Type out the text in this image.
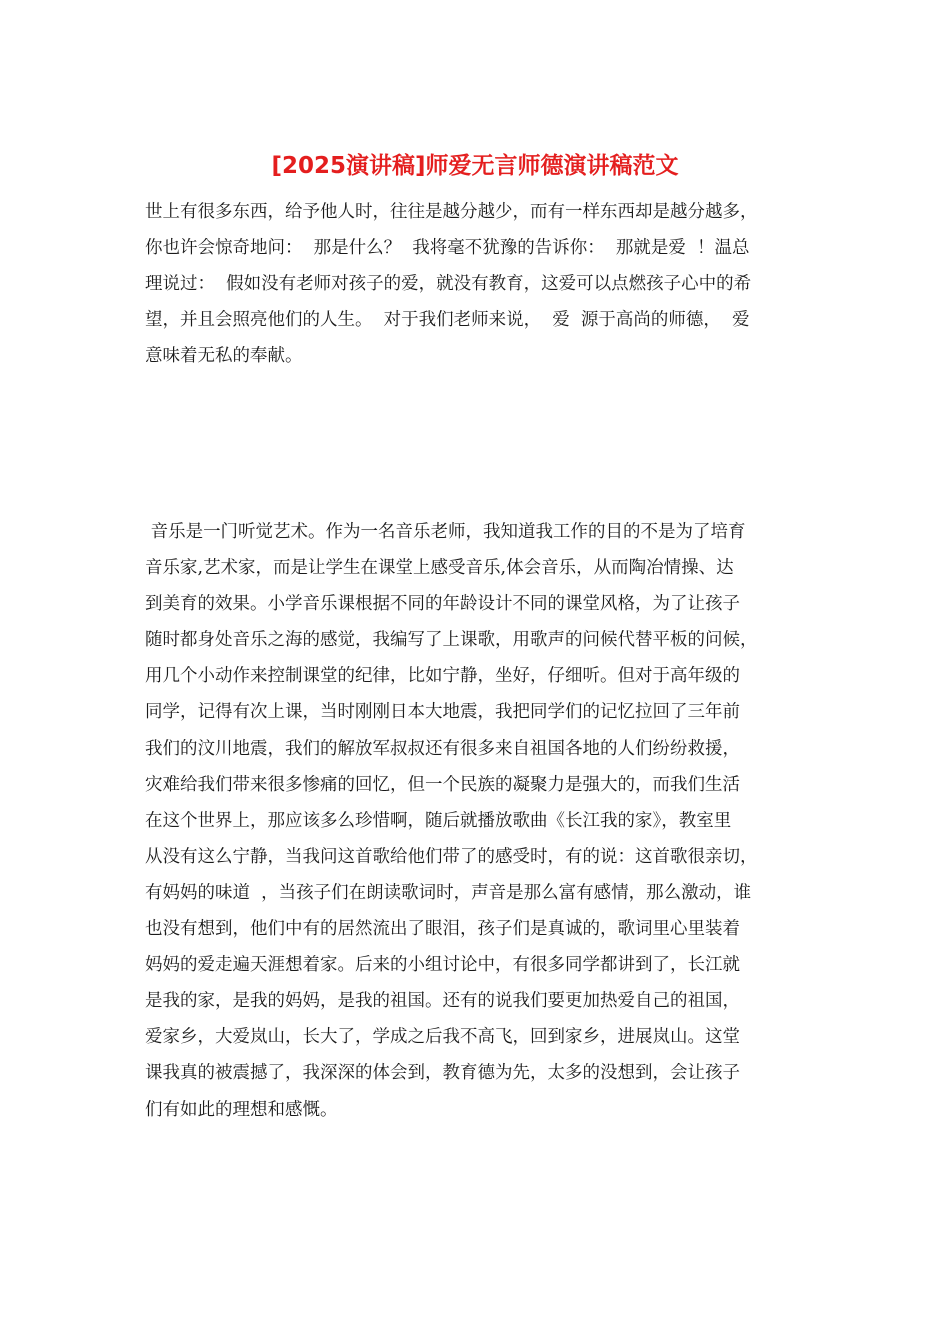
[2025演讲稿]师爱无言师德演讲稿范文
世上有很多东西，给予他人时，往往是越分越少，而有一样东西却是越分越多，
你也许会惊奇地问：  那是什么？  我将毫不犹豫的告诉你：  那就是爱  ！温总
理说过：  假如没有老师对孩子的爱，就没有教育，这爱可以点燃孩子心中的希
望，并且会照亮他们的人生。  对于我们老师来说，  爱  源于高尚的师德，  爱
意味着无私的奉献。
音乐是一门听觉艺术。作为一名音乐老师，我知道我工作的目的不是为了培育
音乐家,艺术家，而是让学生在课堂上感受音乐,体会音乐，从而陶冶情操、达
到美育的效果。小学音乐课根据不同的年龄设计不同的课堂风格，为了让孩子
随时都身处音乐之海的感觉，我编写了上课歌，用歌声的问候代替平板的问候，
用几个小动作来控制课堂的纪律，比如宁静，坐好，仔细听。但对于高年级的
同学，记得有次上课，当时刚刚日本大地震，我把同学们的记忆拉回了三年前
我们的汶川地震，我们的解放军叔叔还有很多来自祖国各地的人们纷纷救援，
灾难给我们带来很多惨痛的回忆，但一个民族的凝聚力是强大的，而我们生活
在这个世界上，那应该多么珍惜啊，随后就播放歌曲《长江我的家》，教室里
从没有这么宁静，当我问这首歌给他们带了的感受时，有的说：这首歌很亲切，
有妈妈的味道  ，当孩子们在朗读歌词时，声音是那么富有感情，那么激动，谁
也没有想到，他们中有的居然流出了眼泪，孩子们是真诚的，歌词里心里装着
妈妈的爱走遍天涯想着家。后来的小组讨论中，有很多同学都讲到了，长江就
是我的家，是我的妈妈，是我的祖国。还有的说我们要更加热爱自己的祖国，
爱家乡，大爱岚山，长大了，学成之后我不高飞，回到家乡，进展岚山。这堂
课我真的被震撼了，我深深的体会到，教育德为先，太多的没想到，会让孩子
们有如此的理想和感慨。
